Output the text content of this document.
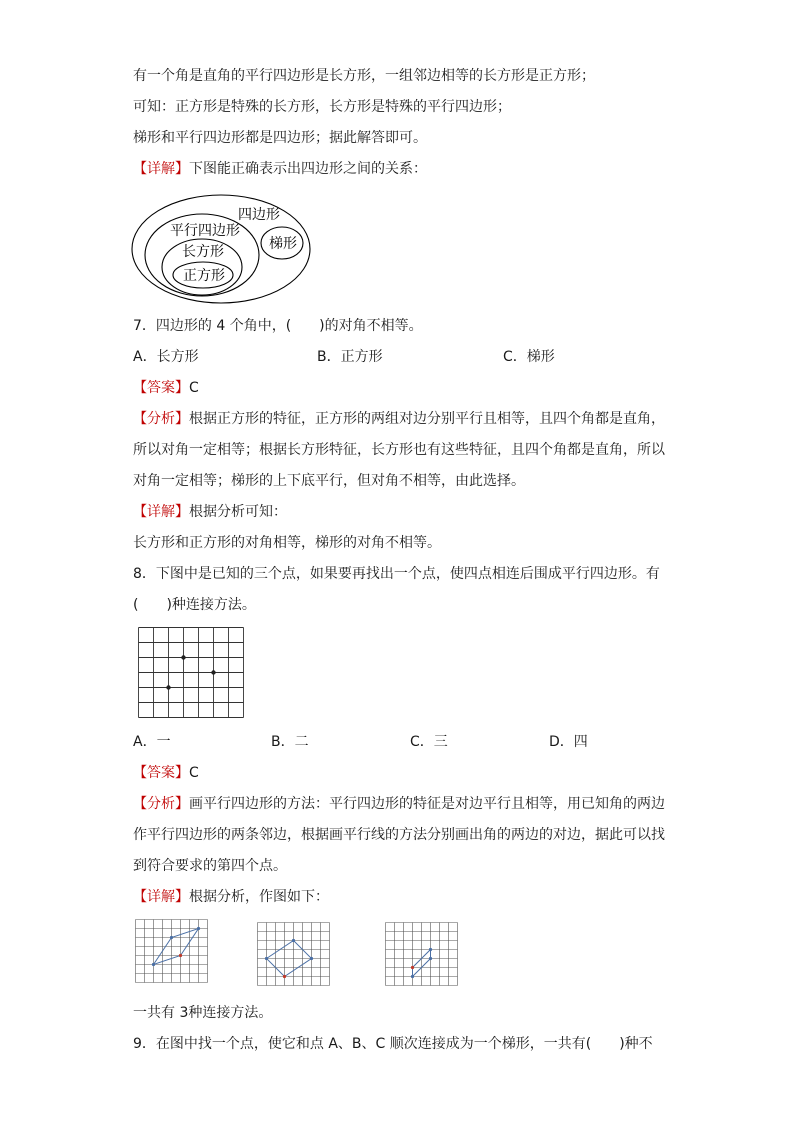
有一个角是直角的平行四边形是长方形，一组邻边相等的长方形是正方形；
可知：正方形是特殊的长方形，长方形是特殊的平行四边形；
梯形和平行四边形都是四边形；据此解答即可。
【详解】下图能正确表示出四边形之间的关系：
四边形
平行四边形
长方形
正方形
梯形
7．四边形的 4 个角中，(　　)的对角不相等。
A．长方形	B．正方形	C．梯形
【答案】C
【分析】根据正方形的特征，正方形的两组对边分别平行且相等，且四个角都是直角，
所以对角一定相等；根据长方形特征，长方形也有这些特征，且四个角都是直角，所以
对角一定相等；梯形的上下底平行，但对角不相等，由此选择。
【详解】根据分析可知：
长方形和正方形的对角相等，梯形的对角不相等。
8．下图中是已知的三个点，如果要再找出一个点，使四点相连后围成平行四边形。有
(　　)种连接方法。
A．一	B．二	C．三	D．四
【答案】C
【分析】画平行四边形的方法：平行四边形的特征是对边平行且相等，用已知角的两边
作平行四边形的两条邻边，根据画平行线的方法分别画出角的两边的对边，据此可以找
到符合要求的第四个点。
【详解】根据分析，作图如下：
一共有 3种连接方法。
9．在图中找一个点，使它和点 A、B、C 顺次连接成为一个梯形，一共有(　　)种不
